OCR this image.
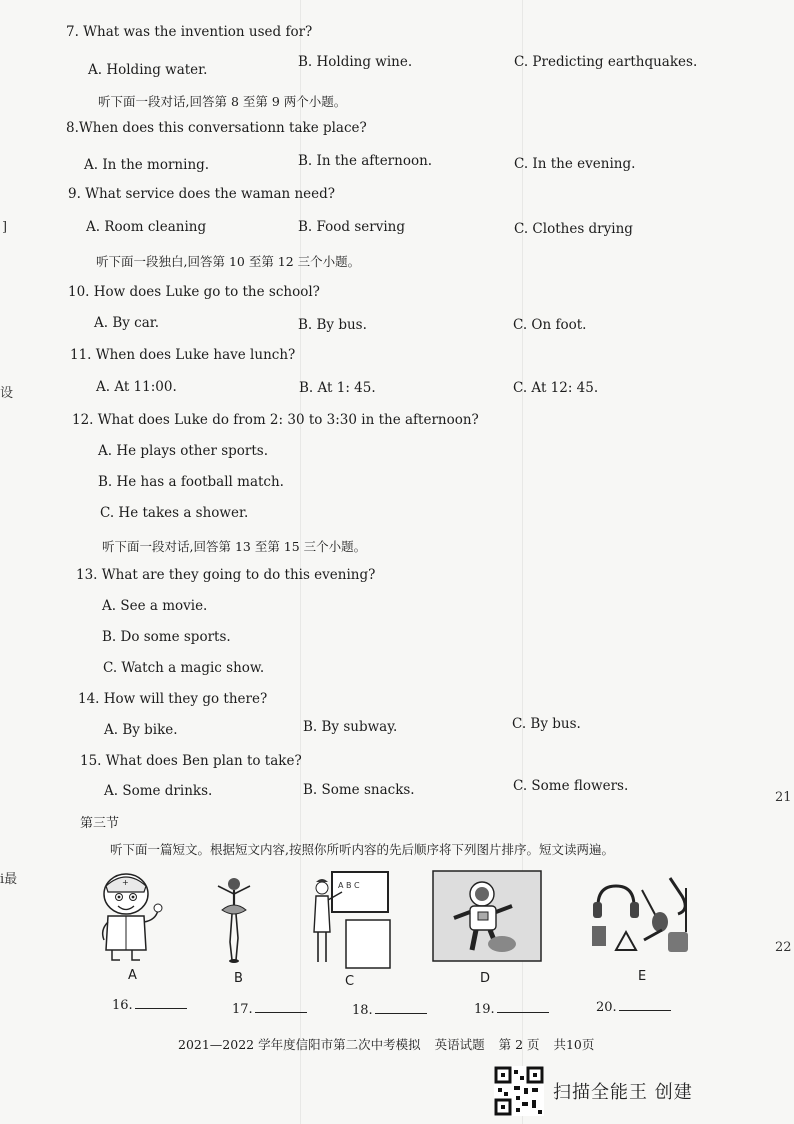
]
设
i最
21
22
7. What was the invention used for?
A. Holding water.	B. Holding wine.	C. Predicting earthquakes.
听下面一段对话,回答第 8 至第 9 两个小题。
8.When does this conversationn take place?
A. In the morning.	B. In the afternoon.	C. In the evening.
9. What service does the waman need?
A. Room cleaning	B. Food serving	C. Clothes drying
听下面一段独白,回答第 10 至第 12 三个小题。
10. How does Luke go to the school?
A. By car.	B. By bus.	C. On foot.
11. When does Luke have lunch?
A. At 11:00.	B. At 1: 45.	C. At 12: 45.
12. What does Luke do from 2: 30 to 3:30 in the afternoon?
A. He plays other sports.
B. He has a football match.
C. He takes a shower.
听下面一段对话,回答第 13 至第 15 三个小题。
13. What are they going to do this evening?
A. See a movie.
B. Do some sports.
C. Watch a magic show.
14. How will they go there?
A. By bike.	B. By subway.	C. By bus.
15. What does Ben plan to take?
A. Some drinks.	B. Some snacks.	C. Some flowers.
第三节
听下面一篇短文。根据短文内容,按照你所听内容的先后顺序将下列图片排序。短文读两遍。
+
A	B
A B C
C	D	E
16.	17.	18.	19.	20.
2021—2022 学年度信阳市第二次中考模拟 英语试题 第 2 页 共10页
扫描全能王 创建
